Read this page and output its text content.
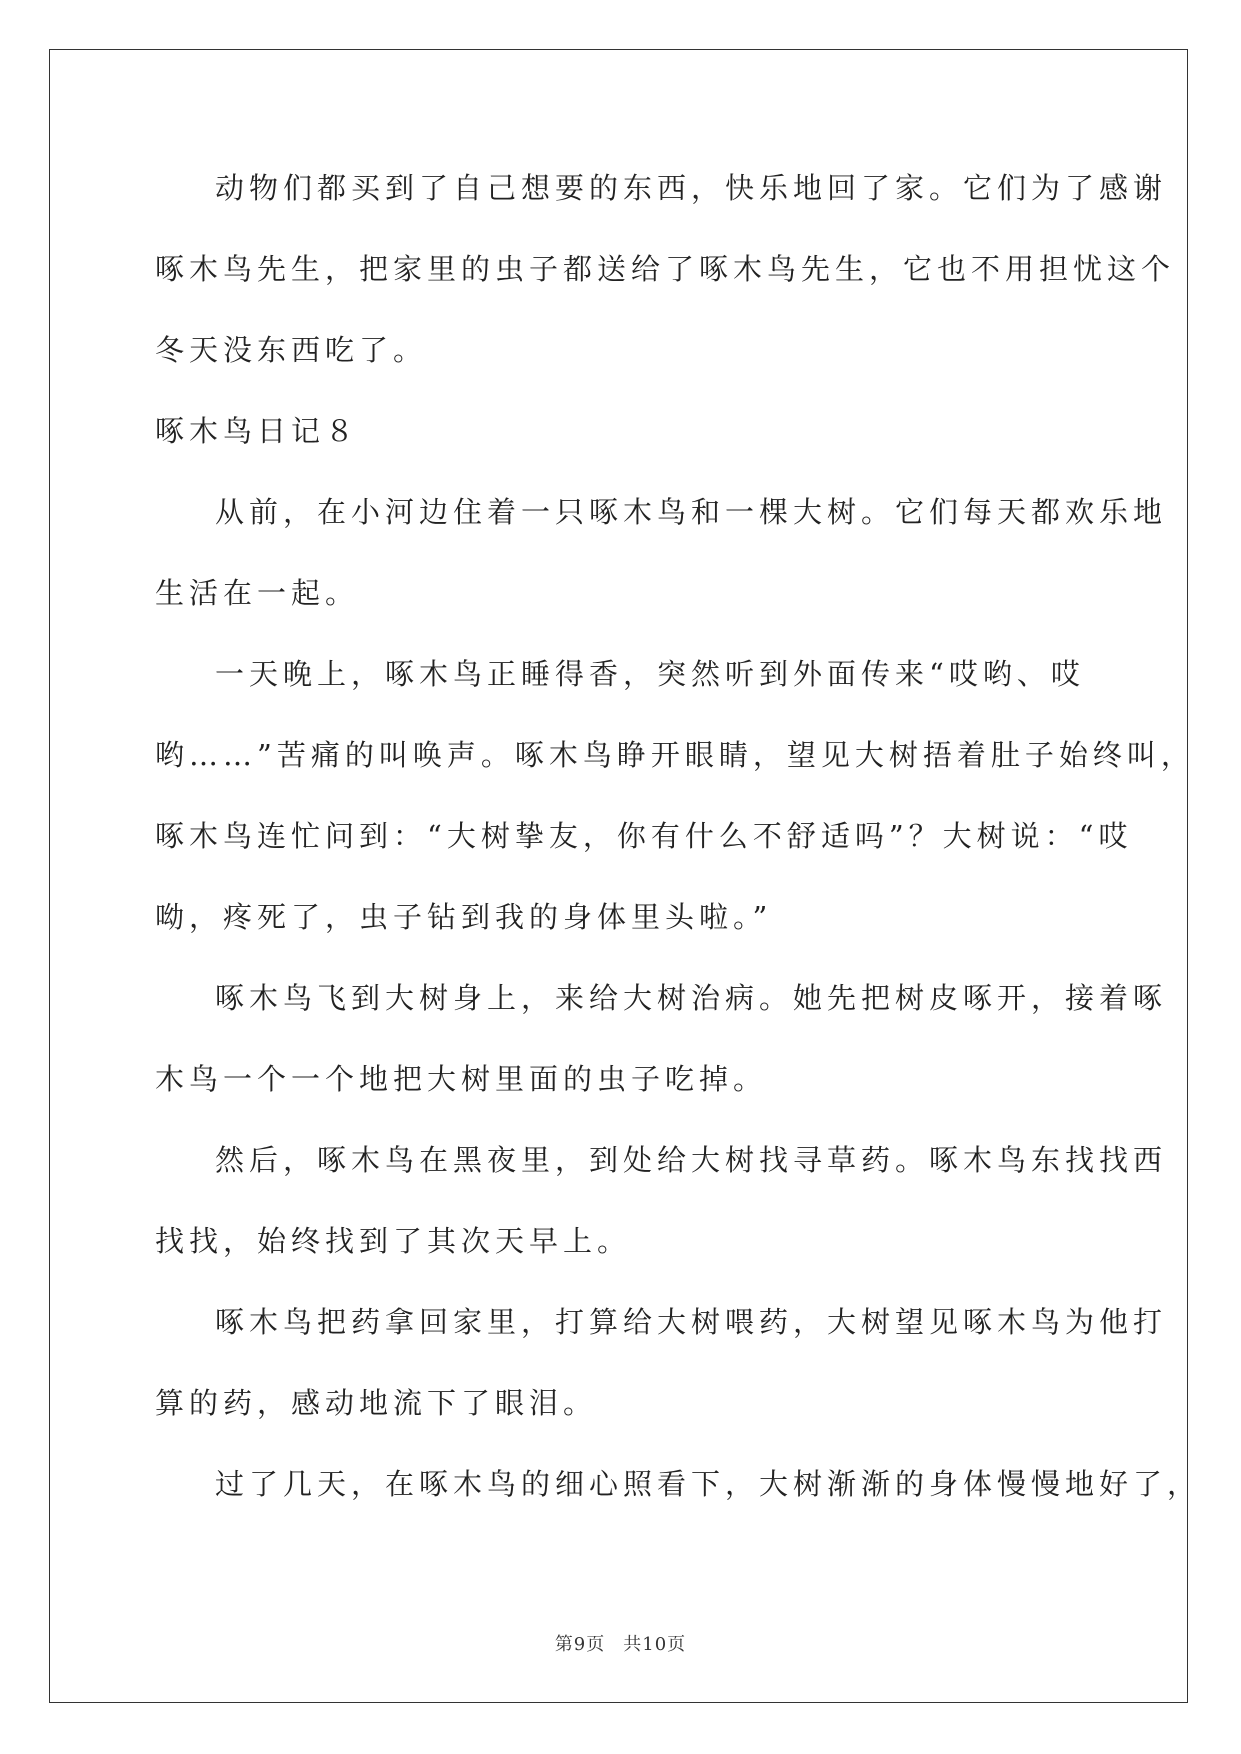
动物们都买到了自己想要的东西，快乐地回了家。它们为了感谢
啄木鸟先生，把家里的虫子都送给了啄木鸟先生，它也不用担忧这个
冬天没东西吃了。
啄木鸟日记８
从前，在小河边住着一只啄木鸟和一棵大树。它们每天都欢乐地
生活在一起。
一天晚上，啄木鸟正睡得香，突然听到外面传来“哎哟、哎
哟……”苦痛的叫唤声。啄木鸟睁开眼睛，望见大树捂着肚子始终叫，
啄木鸟连忙问到：“大树挚友，你有什么不舒适吗”？大树说：“哎
呦，疼死了，虫子钻到我的身体里头啦。”
啄木鸟飞到大树身上，来给大树治病。她先把树皮啄开，接着啄
木鸟一个一个地把大树里面的虫子吃掉。
然后，啄木鸟在黑夜里，到处给大树找寻草药。啄木鸟东找找西
找找，始终找到了其次天早上。
啄木鸟把药拿回家里，打算给大树喂药，大树望见啄木鸟为他打
算的药，感动地流下了眼泪。
过了几天，在啄木鸟的细心照看下，大树渐渐的身体慢慢地好了，
第9页 共10页
